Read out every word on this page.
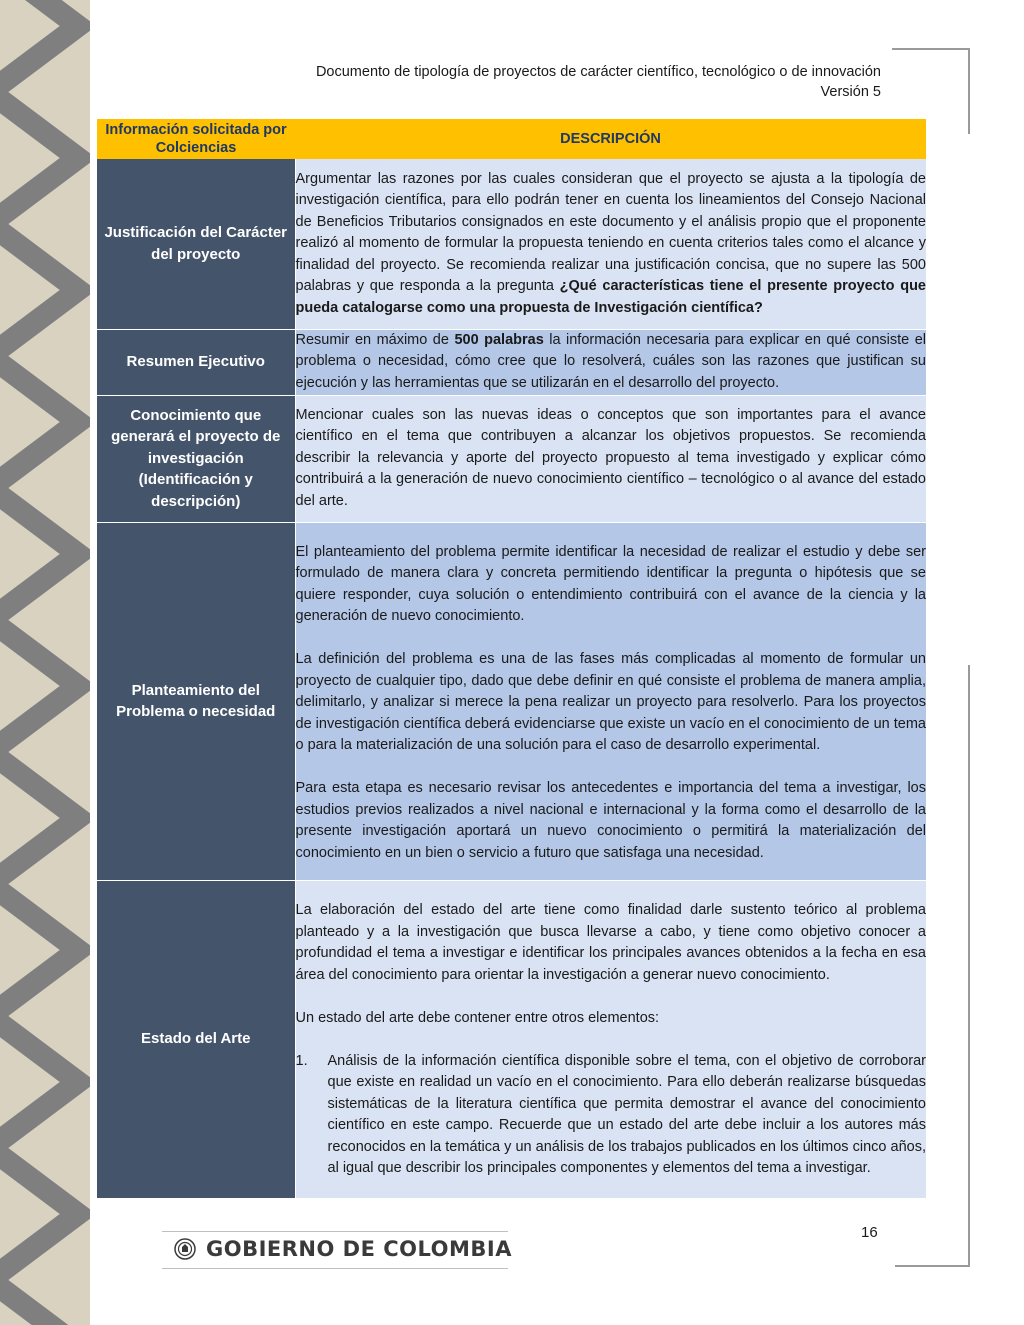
Documento de tipología de proyectos de carácter científico, tecnológico o de innovación
Versión 5
Información solicitada por Colciencias	DESCRIPCIÓN
Justificación del Carácter del proyecto	Argumentar las razones por las cuales consideran que el proyecto se ajusta a la tipología de investigación científica, para ello podrán tener en cuenta los lineamientos del Consejo Nacional de Beneficios Tributarios consignados en este documento y el análisis propio que el proponente realizó al momento de formular la propuesta teniendo en cuenta criterios tales como el alcance y finalidad del proyecto. Se recomienda realizar una justificación concisa, que no supere las 500 palabras y que responda a la pregunta ¿Qué características tiene el presente proyecto que pueda catalogarse como una propuesta de Investigación científica?

Resumen Ejecutivo	Resumir en máximo de 500 palabras la información necesaria para explicar en qué consiste el problema o necesidad, cómo cree que lo resolverá, cuáles son las razones que justifican su ejecución y las herramientas que se utilizarán en el desarrollo del proyecto.

Conocimiento que generará el proyecto de investigación (Identificación y descripción)	Mencionar cuales son las nuevas ideas o conceptos que son importantes para el avance científico en el tema que contribuyen a alcanzar los objetivos propuestos. Se recomienda describir la relevancia y aporte del proyecto propuesto al tema investigado y explicar cómo contribuirá a la generación de nuevo conocimiento científico – tecnológico o al avance del estado del arte.

Planteamiento del Problema o necesidad	El planteamiento del problema permite identificar la necesidad de realizar el estudio y debe ser formulado de manera clara y concreta permitiendo identificar la pregunta o hipótesis que se quiere responder, cuya solución o entendimiento contribuirá con el avance de la ciencia y la generación de nuevo conocimiento.

La definición del problema es una de las fases más complicadas al momento de formular un proyecto de cualquier tipo, dado que debe definir en qué consiste el problema de manera amplia, delimitarlo, y analizar si merece la pena realizar un proyecto para resolverlo. Para los proyectos de investigación científica deberá evidenciarse que existe un vacío en el conocimiento de un tema o para la materialización de una solución para el caso de desarrollo experimental.

Para esta etapa es necesario revisar los antecedentes e importancia del tema a investigar, los estudios previos realizados a nivel nacional e internacional y la forma como el desarrollo de la presente investigación aportará un nuevo conocimiento o permitirá la materialización del conocimiento en un bien o servicio a futuro que satisfaga una necesidad.

Estado del Arte	La elaboración del estado del arte tiene como finalidad darle sustento teórico al problema planteado y a la investigación que busca llevarse a cabo, y tiene como objetivo conocer a profundidad el tema a investigar e identificar los principales avances obtenidos a la fecha en esa área del conocimiento para orientar la investigación a generar nuevo conocimiento.

Un estado del arte debe contener entre otros elementos:

1. Análisis de la información científica disponible sobre el tema, con el objetivo de corroborar que existe en realidad un vacío en el conocimiento. Para ello deberán realizarse búsquedas sistemáticas de la literatura científica que permita demostrar el avance del conocimiento científico en este campo. Recuerde que un estado del arte debe incluir a los autores más reconocidos en la temática y un análisis de los trabajos publicados en los últimos cinco años, al igual que describir los principales componentes y elementos del tema a investigar.
16
GOBIERNO DE COLOMBIA
